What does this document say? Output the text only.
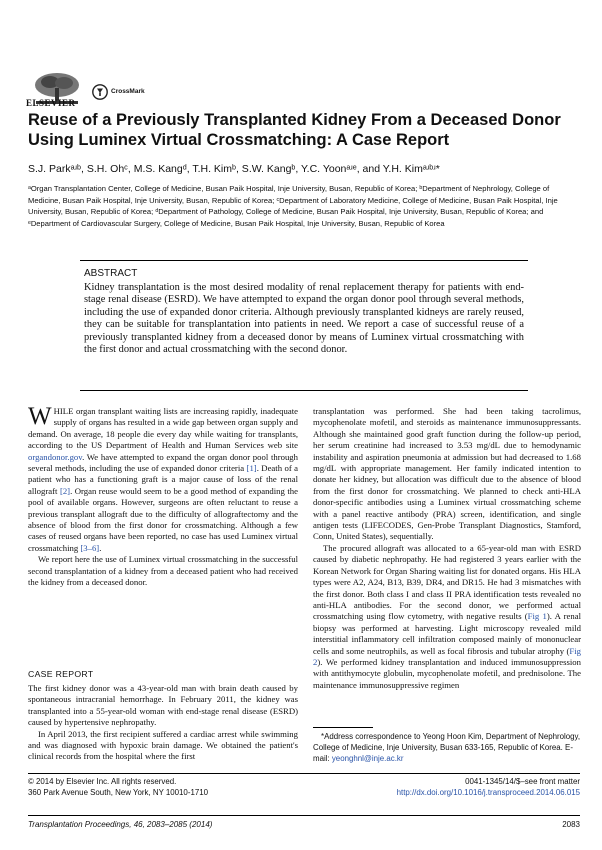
ELSEVIER
CrossMark
Reuse of a Previously Transplanted Kidney From a Deceased Donor Using Luminex Virtual Crossmatching: A Case Report
S.J. Parkᵃʴᵇ, S.H. Ohᶜ, M.S. Kangᵈ, T.H. Kimᵇ, S.W. Kangᵇ, Y.C. Yoonᵃʴᵉ, and Y.H. Kimᵃʴᵇʴ*
ᵃOrgan Transplantation Center, College of Medicine, Busan Paik Hospital, Inje University, Busan, Republic of Korea; ᵇDepartment of Nephrology, College of Medicine, Busan Paik Hospital, Inje University, Busan, Republic of Korea; ᶜDepartment of Laboratory Medicine, College of Medicine, Busan Paik Hospital, Inje University, Busan, Republic of Korea; ᵈDepartment of Pathology, College of Medicine, Busan Paik Hospital, Inje University, Busan, Republic of Korea; and ᵉDepartment of Cardiovascular Surgery, College of Medicine, Busan Paik Hospital, Inje University, Busan, Republic of Korea
ABSTRACT
Kidney transplantation is the most desired modality of renal replacement therapy for patients with end-stage renal disease (ESRD). We have attempted to expand the organ donor pool through several methods, including the use of expanded donor criteria. Although previously transplanted kidneys are rarely reused, they can be suitable for transplantation into patients in need. We report a case of successful reuse of a previously transplanted kidney from a deceased donor by means of Luminex virtual crossmatching with the first donor and actual crossmatching with the second donor.

WHILE organ transplant waiting lists are increasing rapidly, inadequate supply of organs has resulted in a wide gap between organ supply and demand. On average, 18 people die every day while waiting for transplants, according to the US Department of Health and Human Services web site organdonor.gov. We have attempted to expand the organ donor pool through several methods, including the use of expanded donor criteria [1]. Death of a patient who has a functioning graft is a major cause of loss of the renal allograft [2]. Organ reuse would seem to be a good method of expanding the pool of available organs. However, surgeons are often reluctant to reuse a previous transplant allograft due to the difficulty of allograftectomy and the absence of blood from the first donor for crossmatching. Although a few cases of reused organs have been reported, no case has used Luminex virtual crossmatching [3–6].

We report here the use of Luminex virtual crossmatching in the successful second transplantation of a kidney from a deceased patient who had received the kidney from a deceased donor.

CASE REPORT

The first kidney donor was a 43-year-old man with brain death caused by spontaneous intracranial hemorrhage. In February 2011, the kidney was transplanted into a 55-year-old woman with end-stage renal disease (ESRD) caused by hypertensive nephropathy.

In April 2013, the first recipient suffered a cardiac arrest while swimming and was diagnosed with hypoxic brain damage. We obtained the patient's clinical records from the hospital where the first

transplantation was performed. She had been taking tacrolimus, mycophenolate mofetil, and steroids as maintenance immunosuppressants. Although she maintained good graft function during the follow-up period, her serum creatinine had increased to 3.53 mg/dL due to hemodynamic instability and aspiration pneumonia at admission but had decreased to 1.68 mg/dL with appropriate management. Her family indicated intention to donate her kidney, but allocation was difficult due to the absence of blood from the first donor for crossmatching. We planned to check anti-HLA donor-specific antibodies using a Luminex virtual crossmatching scheme with a panel reactive antibody (PRA) screen, identification, and single antigen tests (LIFECODES, Gen-Probe Transplant Diagnostics, Stamford, Conn, United States), sequentially.

The procured allograft was allocated to a 65-year-old man with ESRD caused by diabetic nephropathy. He had registered 3 years earlier with the Korean Network for Organ Sharing waiting list for donated organs. His HLA types were A2, A24, B13, B39, DR4, and DR15. He had 3 mismatches with the first donor. Both class I and class II PRA identification tests revealed no anti-HLA antibodies. For the second donor, we performed actual crossmatching using flow cytometry, with negative results (Fig 1). A renal biopsy was performed at harvesting. Light microscopy revealed mild interstitial inflammatory cell infiltration composed mainly of mononuclear cells and some neutrophils, as well as focal fibrosis and tubular atrophy (Fig 2). We performed kidney transplantation and induced immunosuppression with antithymocyte globulin, mycophenolate mofetil, and prednisolone. The maintenance immunosuppressive regimen

*Address correspondence to Yeong Hoon Kim, Department of Nephrology, College of Medicine, Inje University, Busan 633-165, Republic of Korea. E-mail: yeonghnl@inje.ac.kr
© 2014 by Elsevier Inc. All rights reserved.
360 Park Avenue South, New York, NY 10010-1710
0041-1345/14/$–see front matter
http://dx.doi.org/10.1016/j.transproceed.2014.06.015
Transplantation Proceedings, 46, 2083–2085 (2014)	2083
